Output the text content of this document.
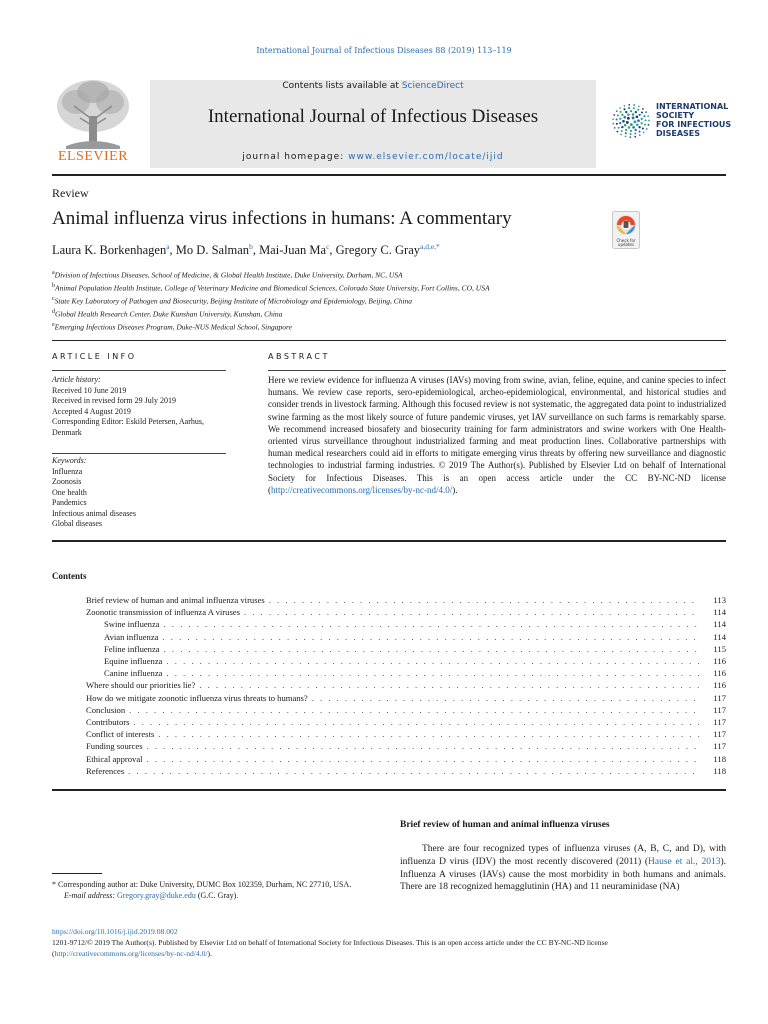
International Journal of Infectious Diseases 88 (2019) 113–119
Contents lists available at ScienceDirect
International Journal of Infectious Diseases
journal homepage: www.elsevier.com/locate/ijid
ELSEVIER
INTERNATIONAL
SOCIETY
FOR INFECTIOUS
DISEASES
Review
Animal influenza virus infections in humans: A commentary
Check for
updates
Laura K. Borkenhagen$^a$, Mo D. Salman$^b$, Mai-Juan Ma$^c$, Gregory C. Gray$^{a,d,e,*}$
$^a$Division of Infectious Diseases, School of Medicine, & Global Health Institute, Duke University, Durham, NC, USA
$^b$Animal Population Health Institute, College of Veterinary Medicine and Biomedical Sciences, Colorado State University, Fort Collins, CO, USA
$^c$State Key Laboratory of Pathogen and Biosecurity, Beijing Institute of Microbiology and Epidemiology, Beijing, China
$^d$Global Health Research Center, Duke Kunshan University, Kunshan, China
$^e$Emerging Infectious Diseases Program, Duke-NUS Medical School, Singapore
ARTICLE INFO	ABSTRACT
Article history:
Received 10 June 2019
Received in revised form 29 July 2019
Accepted 4 August 2019
Corresponding Editor: Eskild Petersen, Aarhus, Denmark
Keywords:
Influenza
Zoonosis
One health
Pandemics
Infectious animal diseases
Global diseases
Here we review evidence for influenza A viruses (IAVs) moving from swine, avian, feline, equine, and canine species to infect humans. We review case reports, sero-epidemiological, archeo-epidemiological, environmental, and historical studies and consider trends in livestock farming. Although this focused review is not systematic, the aggregated data point to industrialized swine farming as the most likely source of future pandemic viruses, yet IAV surveillance on such farms is remarkably sparse. We recommend increased biosafety and biosecurity training for farm administrators and swine workers with One Health-oriented virus surveillance throughout industrialized farming and meat production lines. Collaborative partnerships with human medical researchers could aid in efforts to mitigate emerging virus threats by offering new surveillance and diagnostic technologies to industrial farming industries. © 2019 The Author(s). Published by Elsevier Ltd on behalf of International Society for Infectious Diseases. This is an open access article under the CC BY-NC-ND license (http://creativecommons.org/licenses/by-nc-nd/4.0/).
Contents
Brief review of human and animal influenza viruses . . .	113
Zoonotic transmission of influenza A viruses . . .	114
Swine influenza . . .	114
Avian influenza . . .	114
Feline influenza . . .	115
Equine influenza . . .	116
Canine influenza . . .	116
Where should our priorities lie? . . .	116
How do we mitigate zoonotic influenza virus threats to humans? . . .	117
Conclusion . . .	117
Contributors . . .	117
Conflict of interests . . .	117
Funding sources . . .	117
Ethical approval . . .	118
References . . .	118
Brief review of human and animal influenza viruses
There are four recognized types of influenza viruses (A, B, C, and D), with influenza D virus (IDV) the most recently discovered (2011) (Hause et al., 2013). Influenza A viruses (IAVs) cause the most morbidity in both humans and animals. There are 18 recognized hemagglutinin (HA) and 11 neuraminidase (NA)
* Corresponding author at: Duke University, DUMC Box 102359, Durham, NC 27710, USA.
E-mail address: Gregory.gray@duke.edu (G.C. Gray).
https://doi.org/10.1016/j.ijid.2019.08.002
1201-9712/© 2019 The Author(s). Published by Elsevier Ltd on behalf of International Society for Infectious Diseases. This is an open access article under the CC BY-NC-ND license (http://creativecommons.org/licenses/by-nc-nd/4.0/).
